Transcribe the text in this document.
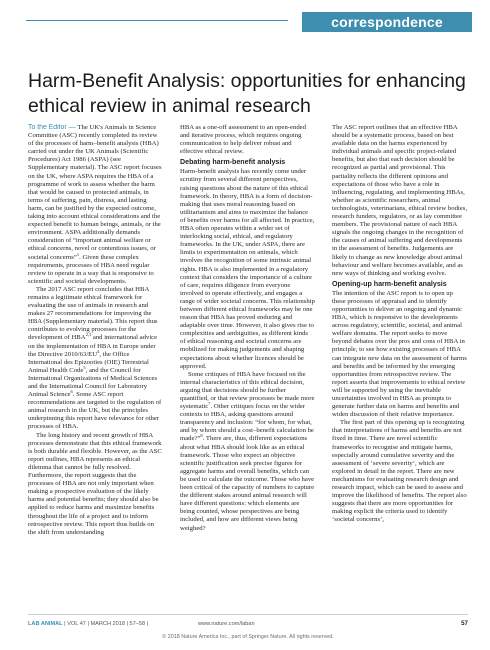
correspondence
Harm-Benefit Analysis: opportunities for enhancing ethical review in animal research

To the Editor — The UK's Animals in Science Committee (ASC) recently completed its review of the processes of harm–benefit analysis (HBA) carried out under the UK Animals (Scientific Procedures) Act 1986 (ASPA) (see Supplementary material). The ASC report focuses on the UK, where ASPA requires the HBA of a programme of work to assess whether the harm that would be caused to protected animals, in terms of suffering, pain, distress, and lasting harm, can be justified by the expected outcome, taking into account ethical considerations and the expected benefit to human beings, animals, or the environment. ASPA additionally demands consideration of “important animal welfare or ethical concerns, novel or contentious issues, or societal concerns”$^1$. Given these complex requirements, processes of HBA need regular review to operate in a way that is responsive to scientific and societal developments.

The 2017 ASC report concludes that HBA remains a legitimate ethical framework for evaluating the use of animals in research and makes 27 recommendations for improving the HBA (Supplementary material). This report thus contributes to evolving processes for the development of HBA$^{2,3}$ and international advice on the implementation of HBA in Europe under the Directive $2010/63/EU^4$, the Office International des Epizooties (OIE) Terrestrial Animal Health Code$^5$, and the Council for International Organizations of Medical Sciences and the International Council for Laboratory Animal Science$^6$. Some ASC report recommendations are targeted to the regulation of animal research in the UK, but the principles underpinning this report have relevance for other processes of HBA.

The long history and recent growth of HBA processes demonstrate that this ethical framework is both durable and flexible. However, as the ASC report outlines, HBA represents an ethical dilemma that cannot be fully resolved. Furthermore, the report suggests that the processes of HBA are not only important when making a prospective evaluation of the likely harms and potential benefits; they should also be applied to reduce harms and maximize benefits throughout the life of a project and to inform retrospective review. This report thus builds on the shift from understanding

HBA as a one-off assessment to an open-ended and iterative process, which requires ongoing communication to help deliver robust and effective ethical review.

Debating harm-benefit analysis

Harm-benefit analysis has recently come under scrutiny from several different perspectives, raising questions about the nature of this ethical framework. In theory, HBA is a form of decision-making that uses moral reasoning based on utilitarianism and aims to maximize the balance of benefits over harms for all affected. In practice, HBA often operates within a wider set of interlocking social, ethical, and regulatory frameworks. In the UK, under ASPA, there are limits to experimentation on animals, which involves the recognition of some intrinsic animal rights. HBA is also implemented in a regulatory context that considers the importance of a culture of care, requires diligence from everyone involved to operate effectively, and engages a range of wider societal concerns. This relationship between different ethical frameworks may be one reason that HBA has proved enduring and adaptable over time. However, it also gives rise to complexities and ambiguities, as different kinds of ethical reasoning and societal concerns are mobilized for making judgements and shaping expectations about whether licences should be approved.

Some critiques of HBA have focused on the internal characteristics of this ethical decision, arguing that decisions should be further quantified, or that review processes be made more systematic$^7$. Other critiques focus on the wider contexts to HBA, asking questions around transparency and inclusion: “for whom, for what, and by whom should a cost–benefit calculation be made?”$^8$. There are, thus, different expectations about what HBA should look like as an ethical framework. Those who expect an objective scientific justification seek precise figures for aggregate harms and overall benefits, which can be used to calculate the outcome. Those who have been critical of the capacity of numbers to capture the different stakes around animal research will have different questions: which elements are being counted, whose perspectives are being included, and how are different views being weighed?

The ASC report outlines that an effective HBA should be a systematic process, based on best available data on the harms experienced by individual animals and specific project-related benefits, but also that each decision should be recognized as partial and provisional. This partiality reflects the different opinions and expectations of those who have a role in influencing, regulating, and implementing HBAs, whether as scientific researchers, animal technologists, veterinarians, ethical review bodies, research funders, regulators, or as lay committee members. The provisional nature of each HBA signals the ongoing changes in the recognition of the causes of animal suffering and developments in the assessment of benefits. Judgements are likely to change as new knowledge about animal behaviour and welfare becomes available, and as new ways of thinking and working evolve.

Opening-up harm-benefit analysis

The intention of the ASC report is to open up these processes of appraisal and to identify opportunities to deliver an ongoing and dynamic HBA, which is responsive to the developments across regulatory, scientific, societal, and animal welfare domains. The report seeks to move beyond debates over the pros and cons of HBA in principle, to see how existing processes of HBA can integrate new data on the assessment of harms and benefits and be informed by the emerging opportunities from retrospective review. The report asserts that improvements to ethical review will be supported by using the inevitable uncertainties involved in HBA as prompts to generate further data on harms and benefits and widen discussion of their relative importance.

The first part of this opening up is recognizing that interpretations of harms and benefits are not fixed in time. There are novel scientific frameworks to recognise and mitigate harms, especially around cumulative severity and the assessment of ‘severe severity’, which are explored in detail in the report. There are new mechanisms for evaluating research design and research impact, which can be used to assess and improve the likelihood of benefits. The report also suggests that there are more opportunities for making explicit the criteria used to identify ‘societal concerns’,

LAB ANIMAL | VOL 47 | MARCH 2018 | 57–58 |	www.nature.com/laban	57
© 2018 Nature America Inc., part of Springer Nature. All rights reserved.
